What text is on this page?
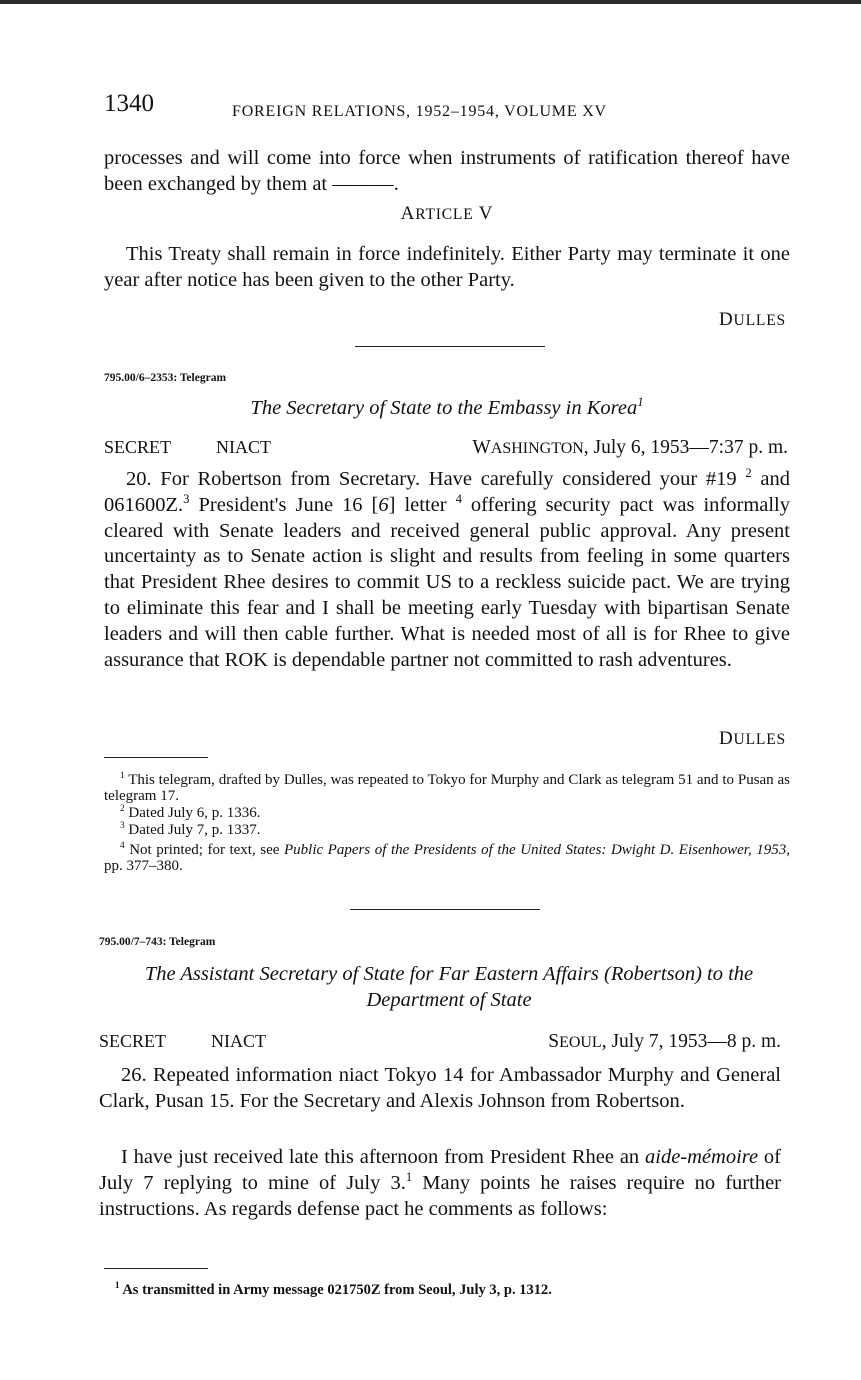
1340	FOREIGN RELATIONS, 1952–1954, VOLUME XV
processes and will come into force when instruments of ratification thereof have been exchanged by them at ———.
ARTICLE V
This Treaty shall remain in force indefinitely. Either Party may terminate it one year after notice has been given to the other Party.
DULLES
795.00/6–2353: Telegram
The Secretary of State to the Embassy in Korea$^1$
SECRET NIACT	WASHINGTON, July 6, 1953—7:37 p. m.
20. For Robertson from Secretary. Have carefully considered your #19 $^2$ and 061600Z.$^3$ President's June 16 [6] letter $^4$ offering security pact was informally cleared with Senate leaders and received general public approval. Any present uncertainty as to Senate action is slight and results from feeling in some quarters that President Rhee desires to commit US to a reckless suicide pact. We are trying to eliminate this fear and I shall be meeting early Tuesday with bipartisan Senate leaders and will then cable further. What is needed most of all is for Rhee to give assurance that ROK is dependable partner not committed to rash adventures.
DULLES
$^1$ This telegram, drafted by Dulles, was repeated to Tokyo for Murphy and Clark as telegram 51 and to Pusan as telegram 17.
$^2$ Dated July 6, p. 1336.
$^3$ Dated July 7, p. 1337.
$^4$ Not printed; for text, see Public Papers of the Presidents of the United States: Dwight D. Eisenhower, 1953, pp. 377–380.
795.00/7–743: Telegram
The Assistant Secretary of State for Far Eastern Affairs (Robertson) to the
Department of State
SECRET NIACT	SEOUL, July 7, 1953—8 p. m.
26. Repeated information niact Tokyo 14 for Ambassador Murphy and General Clark, Pusan 15. For the Secretary and Alexis Johnson from Robertson.
I have just received late this afternoon from President Rhee an aide-mémoire of July 7 replying to mine of July 3.$^1$ Many points he raises require no further instructions. As regards defense pact he comments as follows:
$^1$ As transmitted in Army message 021750Z from Seoul, July 3, p. 1312.
